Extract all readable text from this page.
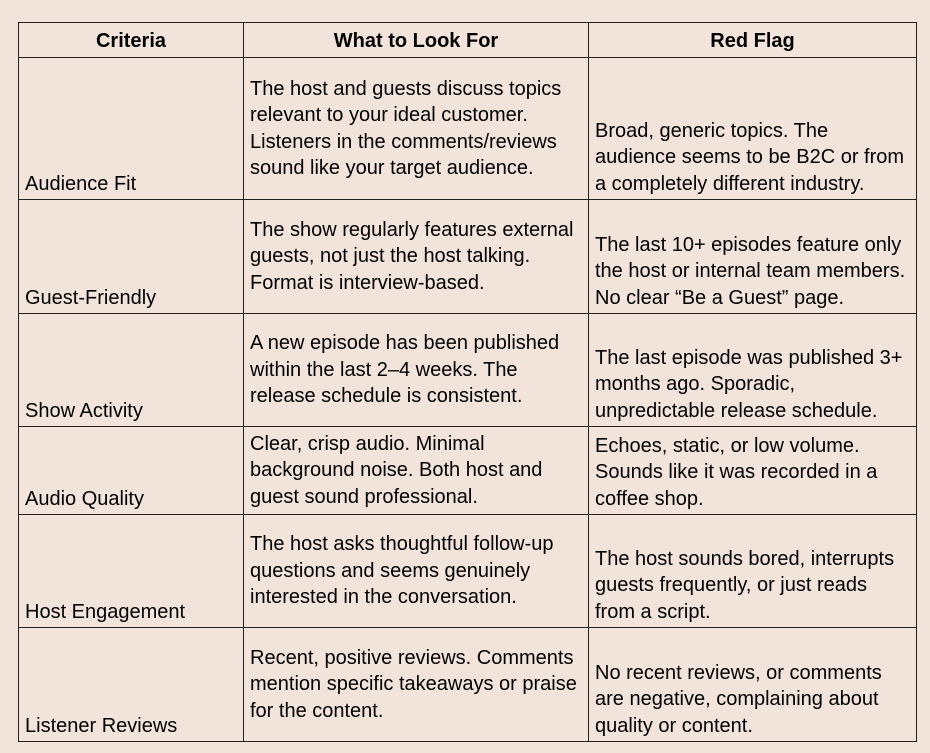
Criteria	What to Look For	Red Flag
Audience Fit	The host and guests discuss topics relevant to your ideal customer. Listeners in the comments/reviews sound like your target audience.	Broad, generic topics. The audience seems to be B2C or from a completely different industry.
Guest-Friendly	The show regularly features external guests, not just the host talking. Format is interview-based.	The last 10+ episodes feature only the host or internal team members. No clear “Be a Guest” page.
Show Activity	A new episode has been published within the last 2–4 weeks. The release schedule is consistent.	The last episode was published 3+ months ago. Sporadic, unpredictable release schedule.
Audio Quality	Clear, crisp audio. Minimal background noise. Both host and guest sound professional.	Echoes, static, or low volume. Sounds like it was recorded in a coffee shop.
Host Engagement	The host asks thoughtful follow-up questions and seems genuinely interested in the conversation.	The host sounds bored, interrupts guests frequently, or just reads from a script.
Listener Reviews	Recent, positive reviews. Comments mention specific takeaways or praise for the content.	No recent reviews, or comments are negative, complaining about quality or content.
